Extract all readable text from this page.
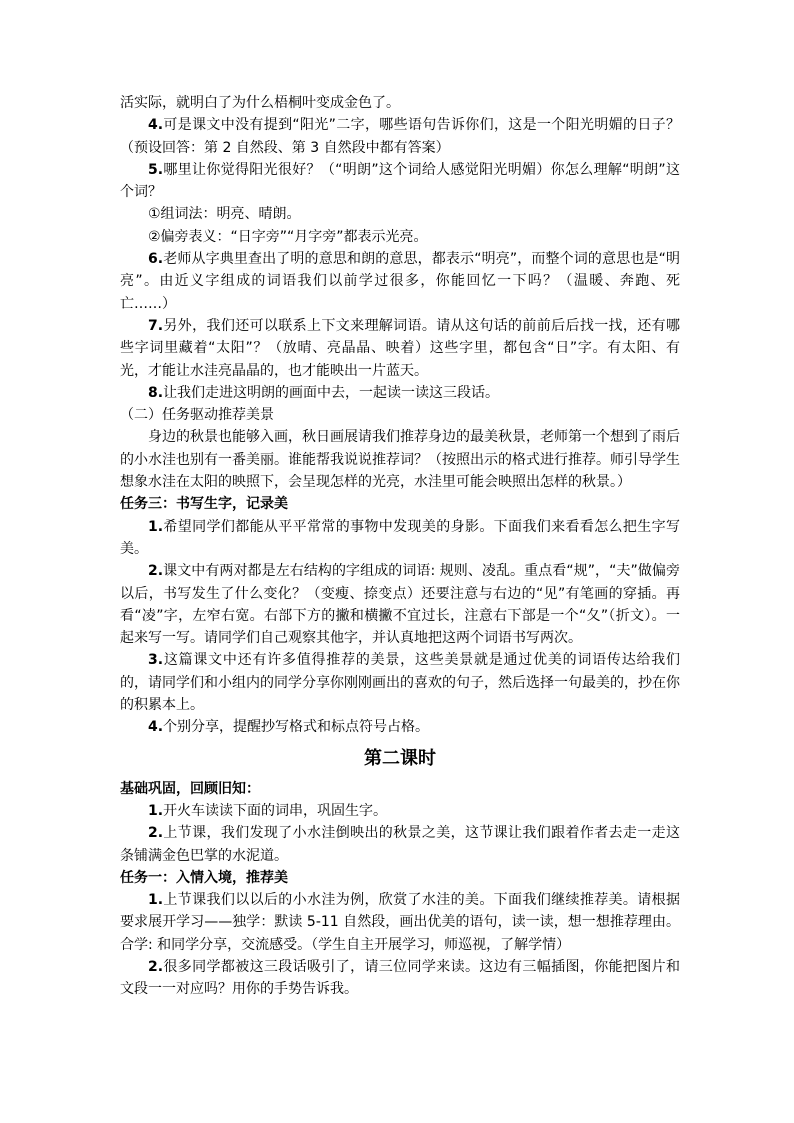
活实际，就明白了为什么梧桐叶变成金色了。

4.可是课文中没有提到“阳光”二字，哪些语句告诉你们，这是一个阳光明媚的日子？（预设回答：第 2 自然段、第 3 自然段中都有答案）

5.哪里让你觉得阳光很好？（“明朗”这个词给人感觉阳光明媚）你怎么理解“明朗”这个词？

①组词法：明亮、晴朗。

②偏旁表义：“日字旁”“月字旁”都表示光亮。

6.老师从字典里查出了明的意思和朗的意思，都表示“明亮”，而整个词的意思也是“明亮”。由近义字组成的词语我们以前学过很多，你能回忆一下吗？（温暖、奔跑、死亡……）

7.另外，我们还可以联系上下文来理解词语。请从这句话的前前后后找一找，还有哪些字词里藏着“太阳”？（放晴、亮晶晶、映着）这些字里，都包含“日”字。有太阳、有光，才能让水洼亮晶晶的，也才能映出一片蓝天。

8.让我们走进这明朗的画面中去，一起读一读这三段话。

（二）任务驱动推荐美景

身边的秋景也能够入画，秋日画展请我们推荐身边的最美秋景，老师第一个想到了雨后的小水洼也别有一番美丽。谁能帮我说说推荐词？（按照出示的格式进行推荐。师引导学生想象水洼在太阳的映照下，会呈现怎样的光亮，水洼里可能会映照出怎样的秋景。）

任务三：书写生字，记录美

1.希望同学们都能从平平常常的事物中发现美的身影。下面我们来看看怎么把生字写美。

2.课文中有两对都是左右结构的字组成的词语: 规则、凌乱。重点看“规”，“夫”做偏旁以后，书写发生了什么变化？（变瘦、捺变点）还要注意与右边的“见”有笔画的穿插。再看“凌”字，左窄右宽。右部下方的撇和横撇不宜过长，注意右下部是一个“夂”（折文）。一起来写一写。请同学们自己观察其他字，并认真地把这两个词语书写两次。

3.这篇课文中还有许多值得推荐的美景，这些美景就是通过优美的词语传达给我们的，请同学们和小组内的同学分享你刚刚画出的喜欢的句子，然后选择一句最美的，抄在你的积累本上。

4.个别分享，提醒抄写格式和标点符号占格。

第二课时

基础巩固，回顾旧知：

1.开火车读读下面的词串，巩固生字。

2.上节课，我们发现了小水洼倒映出的秋景之美，这节课让我们跟着作者去走一走这条铺满金色巴掌的水泥道。

任务一：入情入境，推荐美

1.上节课我们以以后的小水洼为例，欣赏了水洼的美。下面我们继续推荐美。请根据要求展开学习——独学：默读 5-11 自然段，画出优美的语句，读一读，想一想推荐理由。合学: 和同学分享，交流感受。（学生自主开展学习，师巡视，了解学情）

2.很多同学都被这三段话吸引了，请三位同学来读。这边有三幅插图，你能把图片和文段一一对应吗？用你的手势告诉我。
